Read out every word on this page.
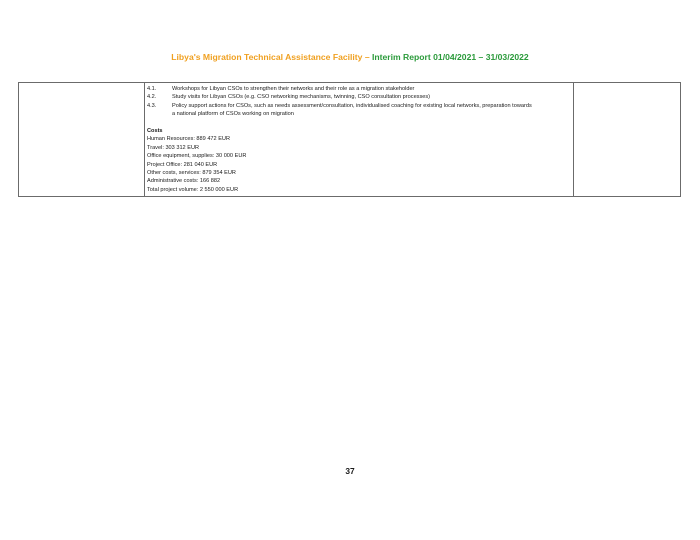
Libya's Migration Technical Assistance Facility – Interim Report 01/04/2021 – 31/03/2022
4.1.	Workshops for Libyan CSOs to strengthen their networks and their role as a migration stakeholder
4.2.	Study visits for Libyan CSOs (e.g. CSO networking mechanisms, twinning, CSO consultation processes)
4.3.	Policy support actions for CSOs, such as needs assessment/consultation, individualised coaching for existing local networks, preparation towards
a national platform of CSOs working on migration
Costs
Human Resources: 889 472 EUR
Travel: 303 312 EUR
Office equipment, supplies: 30 000 EUR
Project Office: 281 040 EUR
Other costs, services: 879 354 EUR
Administrative costs: 166 882
Total project volume: 2 550 000 EUR
37
